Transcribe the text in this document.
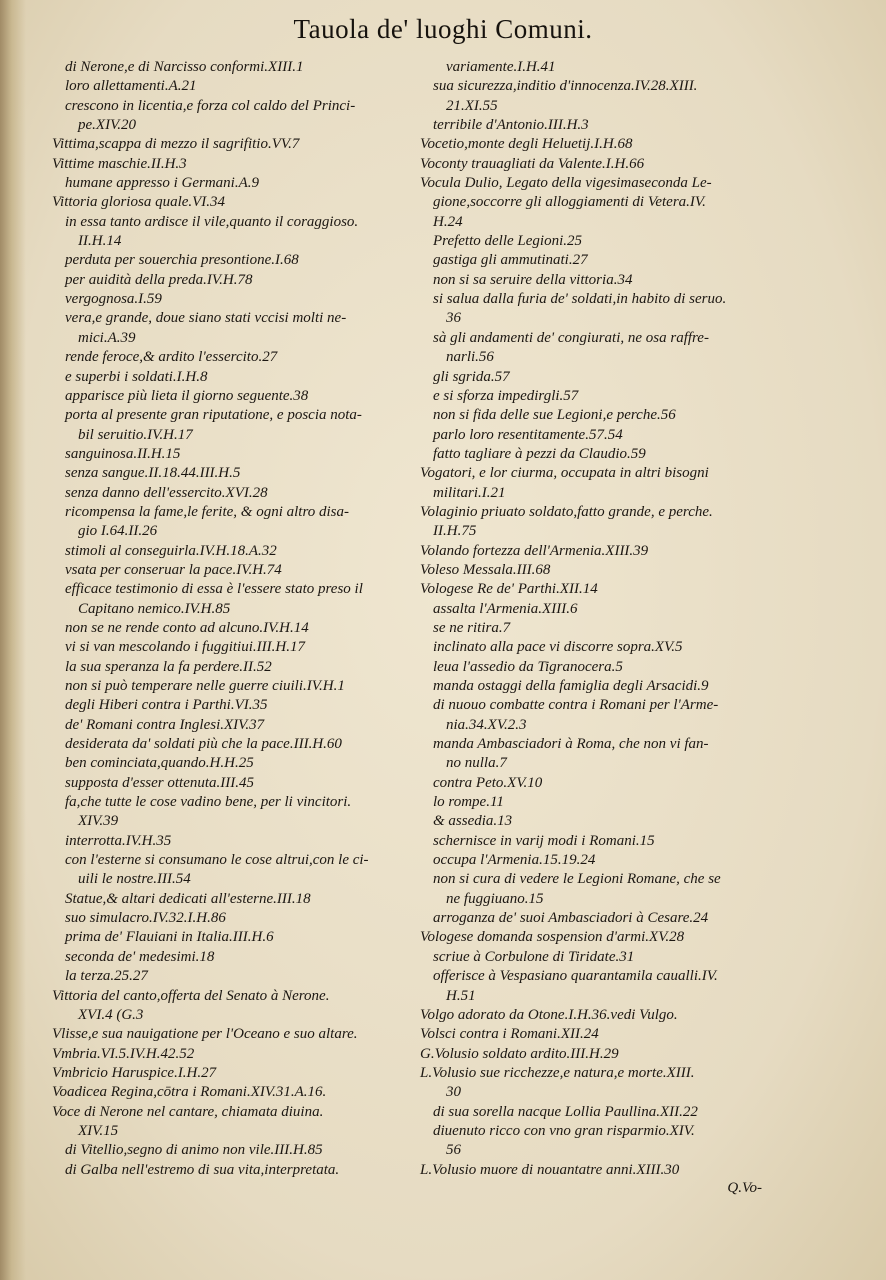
Tauola de' luoghi Comuni.

di Nerone,e di Narcisso conformi.XIII.1

loro allettamenti.A.21

crescono in licentia,e forza col caldo del Princi-

pe.XIV.20

Vittima,scappa di mezzo il sagrifitio.VV.7

Vittime maschie.II.H.3

humane appresso i Germani.A.9

Vittoria gloriosa quale.VI.34

in essa tanto ardisce il vile,quanto il coraggioso.

II.H.14

perduta per souerchia presontione.I.68

per auidità della preda.IV.H.78

vergognosa.I.59

vera,e grande, doue siano stati vccisi molti ne-

mici.A.39

rende feroce,& ardito l'essercito.27

e superbi i soldati.I.H.8

apparisce più lieta il giorno seguente.38

porta al presente gran riputatione, e poscia nota-

bil seruitio.IV.H.17

sanguinosa.II.H.15

senza sangue.II.18.44.III.H.5

senza danno dell'essercito.XVI.28

ricompensa la fame,le ferite, & ogni altro disa-

gio I.64.II.26

stimoli al conseguirla.IV.H.18.A.32

vsata per conseruar la pace.IV.H.74

efficace testimonio di essa è l'essere stato preso il

Capitano nemico.IV.H.85

non se ne rende conto ad alcuno.IV.H.14

vi si van mescolando i fuggitiui.III.H.17

la sua speranza la fa perdere.II.52

non si può temperare nelle guerre ciuili.IV.H.1

degli Hiberi contra i Parthi.VI.35

de' Romani contra Inglesi.XIV.37

desiderata da' soldati più che la pace.III.H.60

ben cominciata,quando.H.H.25

supposta d'esser ottenuta.III.45

fa,che tutte le cose vadino bene, per li vincitori.

XIV.39

interrotta.IV.H.35

con l'esterne si consumano le cose altrui,con le ci-

uili le nostre.III.54

Statue,& altari dedicati all'esterne.III.18

suo simulacro.IV.32.I.H.86

prima de' Flauiani in Italia.III.H.6

seconda de' medesimi.18

la terza.25.27

Vittoria del canto,offerta del Senato à Nerone.

XVI.4 (G.3

Vlisse,e sua nauigatione per l'Oceano e suo altare.

Vmbria.VI.5.IV.H.42.52

Vmbricio Haruspice.I.H.27

Voadicea Regina,cōtra i Romani.XIV.31.A.16.

Voce di Nerone nel cantare, chiamata diuina.

XIV.15

di Vitellio,segno di animo non vile.III.H.85

di Galba nell'estremo di sua vita,interpretata.

variamente.I.H.41

sua sicurezza,inditio d'innocenza.IV.28.XIII.

21.XI.55

terribile d'Antonio.III.H.3

Vocetio,monte degli Heluetij.I.H.68

Voconty trauagliati da Valente.I.H.66

Vocula Dulio, Legato della vigesimaseconda Le-

gione,soccorre gli alloggiamenti di Vetera.IV.

H.24

Prefetto delle Legioni.25

gastiga gli ammutinati.27

non si sa seruire della vittoria.34

si salua dalla furia de' soldati,in habito di seruo.

36

sà gli andamenti de' congiurati, ne osa raffre-

narli.56

gli sgrida.57

e si sforza impedirgli.57

non si fida delle sue Legioni,e perche.56

parlo loro resentitamente.57.54

fatto tagliare à pezzi da Claudio.59

Vogatori, e lor ciurma, occupata in altri bisogni

militari.I.21

Volaginio priuato soldato,fatto grande, e perche.

II.H.75

Volando fortezza dell'Armenia.XIII.39

Voleso Messala.III.68

Vologese Re de' Parthi.XII.14

assalta l'Armenia.XIII.6

se ne ritira.7

inclinato alla pace vi discorre sopra.XV.5

leua l'assedio da Tigranocera.5

manda ostaggi della famiglia degli Arsacidi.9

di nuouo combatte contra i Romani per l'Arme-

nia.34.XV.2.3

manda Ambasciadori à Roma, che non vi fan-

no nulla.7

contra Peto.XV.10

lo rompe.11

& assedia.13

schernisce in varij modi i Romani.15

occupa l'Armenia.15.19.24

non si cura di vedere le Legioni Romane, che se

ne fuggiuano.15

arroganza de' suoi Ambasciadori à Cesare.24

Vologese domanda sospension d'armi.XV.28

scriue à Corbulone di Tiridate.31

offerisce à Vespasiano quarantamila caualli.IV.

H.51

Volgo adorato da Otone.I.H.36.vedi Vulgo.

Volsci contra i Romani.XII.24

G.Volusio soldato ardito.III.H.29

L.Volusio sue ricchezze,e natura,e morte.XIII.

30

di sua sorella nacque Lollia Paullina.XII.22

diuenuto ricco con vno gran risparmio.XIV.

56

L.Volusio muore di nouantatre anni.XIII.30

Q.Vo-
